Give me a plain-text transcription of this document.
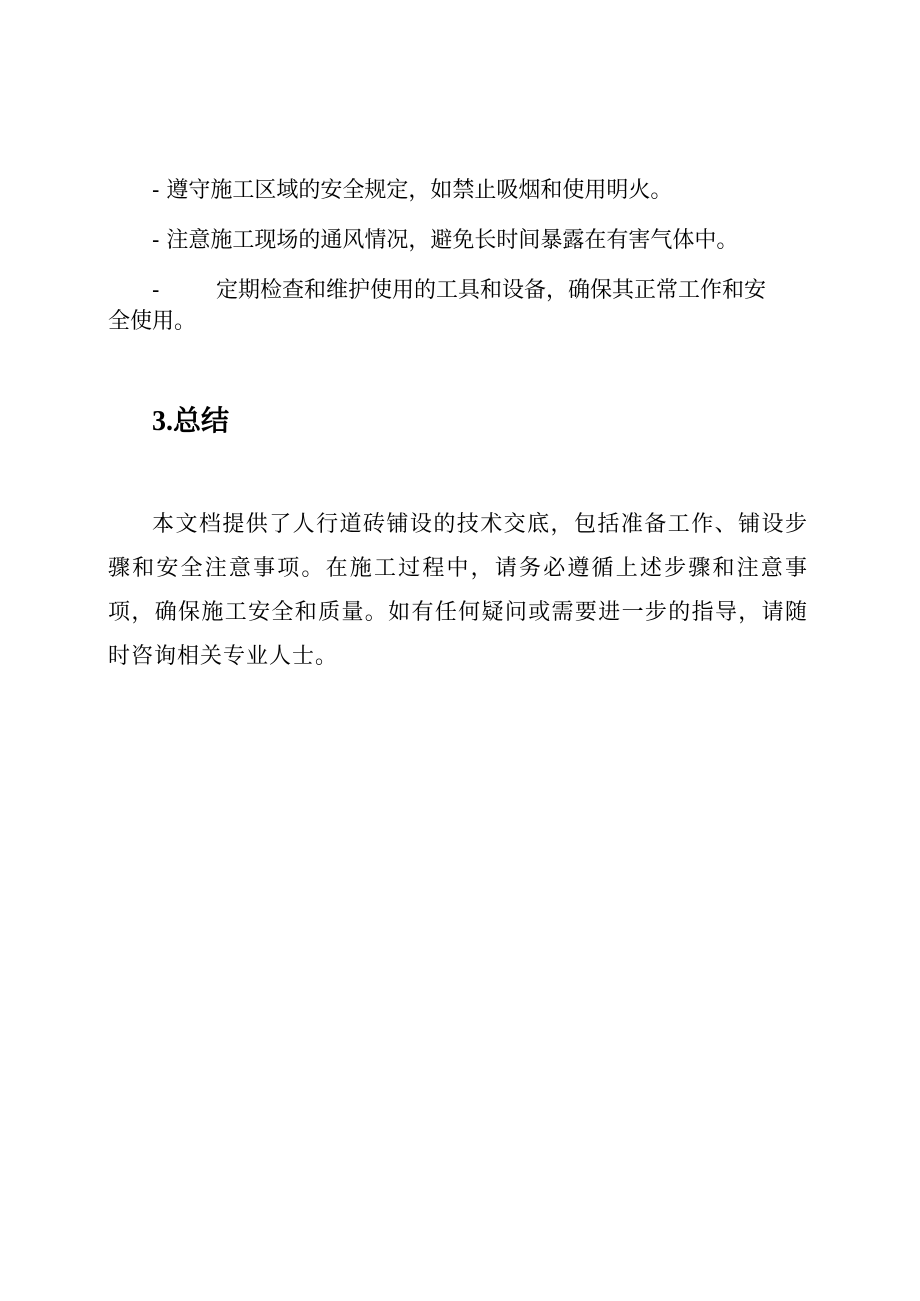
- 遵守施工区域的安全规定，如禁止吸烟和使用明火。
- 注意施工现场的通风情况，避免长时间暴露在有害气体中。
-	定期检查和维护使用的工具和设备，确保其正常工作和安
全使用。
3.总结
本文档提供了人行道砖铺设的技术交底，包括准备工作、铺设步骤和安全注意事项。在施工过程中，请务必遵循上述步骤和注意事项，确保施工安全和质量。如有任何疑问或需要进一步的指导，请随时咨询相关专业人士。
